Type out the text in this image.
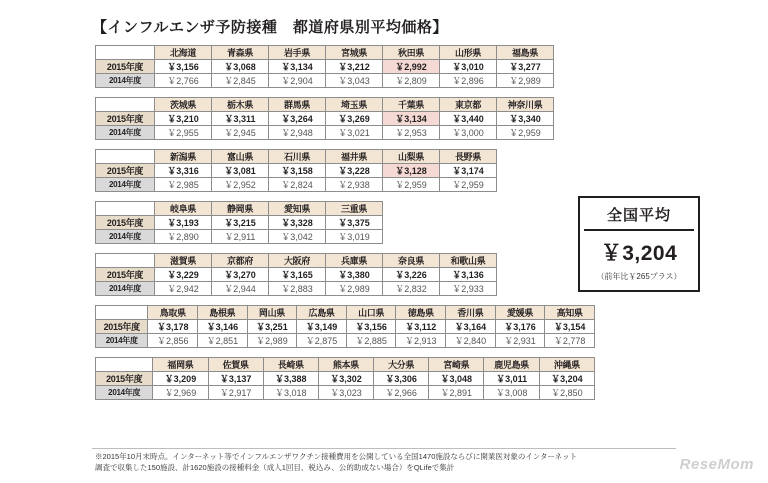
【インフルエンザ予防接種　都道府県別平均価格】
	北海道	青森県	岩手県	宮城県	秋田県	山形県	福島県
2015年度	￥3,156	￥3,068	￥3,134	￥3,212	￥2,992	￥3,010	￥3,277
2014年度	￥2,766	￥2,845	￥2,904	￥3,043	￥2,809	￥2,896	￥2,989
	茨城県	栃木県	群馬県	埼玉県	千葉県	東京都	神奈川県
2015年度	￥3,210	￥3,311	￥3,264	￥3,269	￥3,134	￥3,440	￥3,340
2014年度	￥2,955	￥2,945	￥2,948	￥3,021	￥2,953	￥3,000	￥2,959
	新潟県	富山県	石川県	福井県	山梨県	長野県
2015年度	￥3,316	￥3,081	￥3,158	￥3,228	￥3,128	￥3,174
2014年度	￥2,985	￥2,952	￥2,824	￥2,938	￥2,959	￥2,959
	岐阜県	静岡県	愛知県	三重県
2015年度	￥3,193	￥3,215	￥3,328	￥3,375
2014年度	￥2,890	￥2,911	￥3,042	￥3,019
	滋賀県	京都府	大阪府	兵庫県	奈良県	和歌山県
2015年度	￥3,229	￥3,270	￥3,165	￥3,380	￥3,226	￥3,136
2014年度	￥2,942	￥2,944	￥2,883	￥2,989	￥2,832	￥2,933
	鳥取県	島根県	岡山県	広島県	山口県	徳島県	香川県	愛媛県	高知県
2015年度	￥3,178	￥3,146	￥3,251	￥3,149	￥3,156	￥3,112	￥3,164	￥3,176	￥3,154
2014年度	￥2,856	￥2,851	￥2,989	￥2,875	￥2,885	￥2,913	￥2,840	￥2,931	￥2,778
	福岡県	佐賀県	長崎県	熊本県	大分県	宮崎県	鹿児島県	沖縄県
2015年度	￥3,209	￥3,137	￥3,388	￥3,302	￥3,306	￥3,048	￥3,011	￥3,204
2014年度	￥2,969	￥2,917	￥3,018	￥3,023	￥2,966	￥2,891	￥3,008	￥2,850
全国平均
￥3,204
（前年比￥265プラス）
※2015年10月末時点。インターネット等でインフルエンザワクチン接種費用を公開している全国1470施設ならびに開業医対象のインターネット
調査で収集した150施設、計1620施設の接種料金（成人1回目、税込み、公的助成ない場合）をQLifeで集計	ReseMom
